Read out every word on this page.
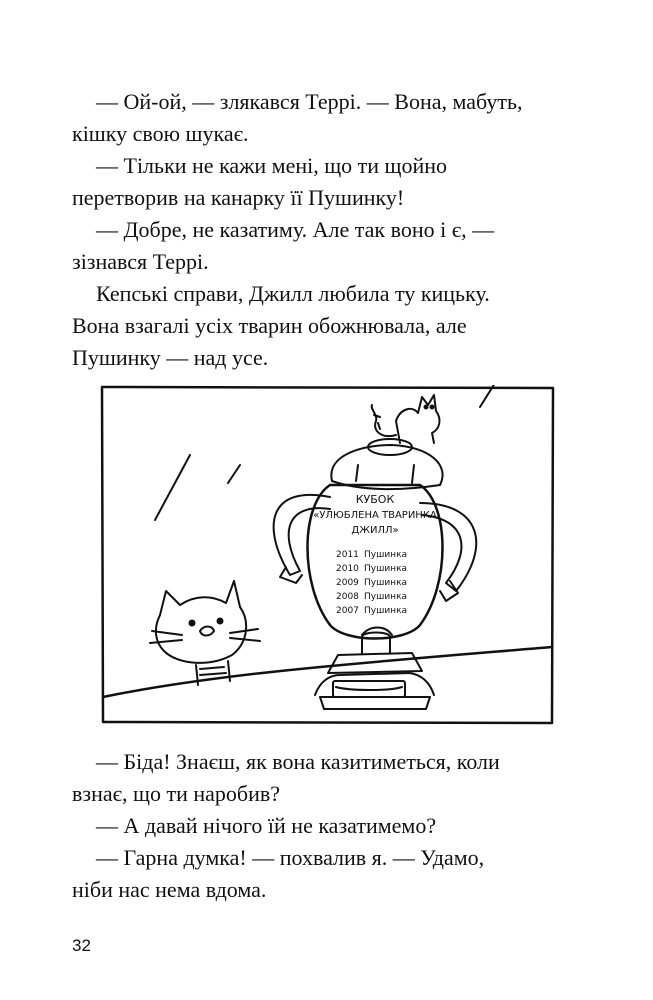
— Ой-ой, — злякався Террі. — Вона, мабуть,
кішку свою шукає.

— Тільки не кажи мені, що ти щойно
перетворив на канарку її Пушинку!

— Добре, не казатиму. Але так воно і є, —
зізнався Террі.

Кепські справи, Джилл любила ту кицьку.
Вона взагалі усіх тварин обожнювала, але
Пушинку — над усе.

КУБОК
«УЛЮБЛЕНА ТВАРИНКА
ДЖИЛЛ»
2011 Пушинка
2010 Пушинка
2009 Пушинка
2008 Пушинка
2007 Пушинка

— Біда! Знаєш, як вона казитиметься, коли
взнає, що ти наробив?

— А давай нічого їй не казатимемо?

— Гарна думка! — похвалив я. — Удамо,
ніби нас нема вдома.

32
